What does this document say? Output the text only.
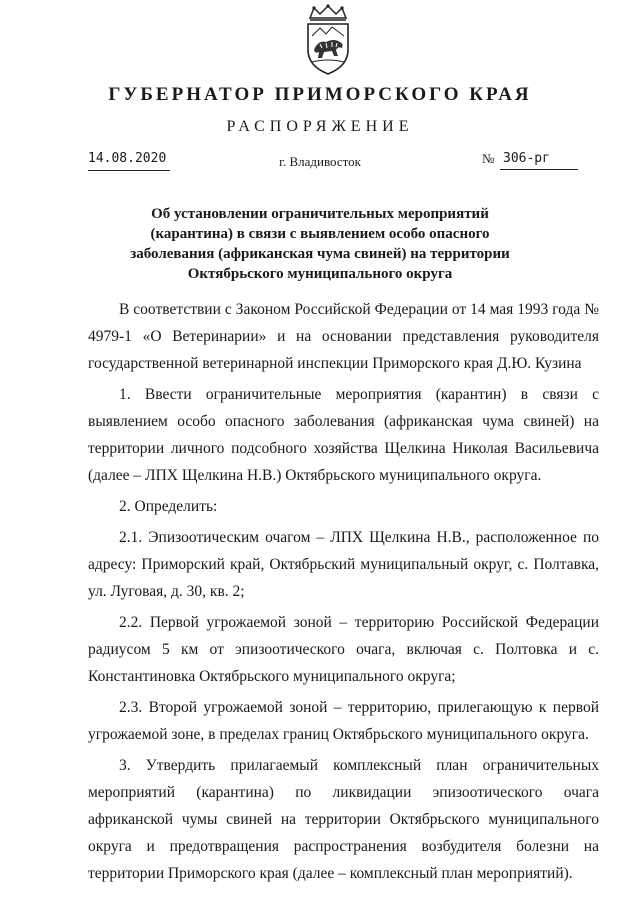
ГУБЕРНАТОР ПРИМОРСКОГО КРАЯ
РАСПОРЯЖЕНИЕ
14.08.2020	г. Владивосток	№ 306-рг
Об установлении ограничительных мероприятий (карантина) в связи с выявлением особо опасного заболевания (африканская чума свиней) на территории Октябрьского муниципального округа

В соответствии с Законом Российской Федерации от 14 мая 1993 года № 4979-1 «О Ветеринарии» и на основании представления руководителя государственной ветеринарной инспекции Приморского края Д.Ю. Кузина

1. Ввести ограничительные мероприятия (карантин) в связи с выявлением особо опасного заболевания (африканская чума свиней) на территории личного подсобного хозяйства Щелкина Николая Васильевича (далее – ЛПХ Щелкина Н.В.) Октябрьского муниципального округа.

2. Определить:

2.1. Эпизоотическим очагом – ЛПХ Щелкина Н.В., расположенное по адресу: Приморский край, Октябрьский муниципальный округ, с. Полтавка, ул. Луговая, д. 30, кв. 2;

2.2. Первой угрожаемой зоной – территорию Российской Федерации радиусом 5 км от эпизоотического очага, включая с. Полтовка и с. Константиновка Октябрьского муниципального округа;

2.3. Второй угрожаемой зоной – территорию, прилегающую к первой угрожаемой зоне, в пределах границ Октябрьского муниципального округа.

3. Утвердить прилагаемый комплексный план ограничительных мероприятий (карантина) по ликвидации эпизоотического очага африканской чумы свиней на территории Октябрьского муниципального округа и предотвращения распространения возбудителя болезни на территории Приморского края (далее – комплексный план мероприятий).
